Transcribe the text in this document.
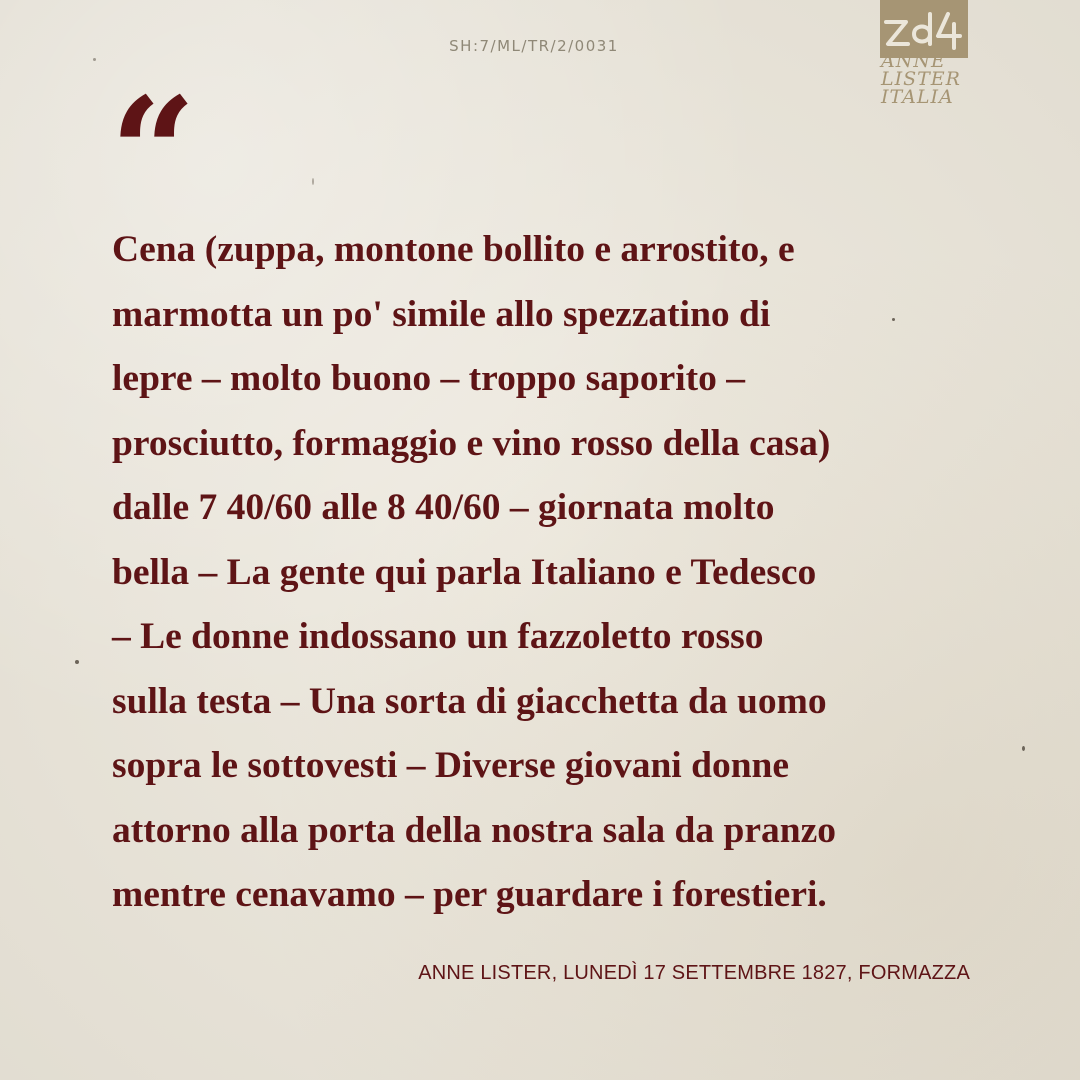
SH:7/ML/TR/2/0031
ANNE
LISTER
ITALIA
“

Cena (zuppa, montone bollito e arrostito, e
marmotta un po' simile allo spezzatino di
lepre – molto buono – troppo saporito –
prosciutto, formaggio e vino rosso della casa)
dalle 7 40/60 alle 8 40/60 – giornata molto
bella – La gente qui parla Italiano e Tedesco
– Le donne indossano un fazzoletto rosso
sulla testa – Una sorta di giacchetta da uomo
sopra le sottovesti – Diverse giovani donne
attorno alla porta della nostra sala da pranzo
mentre cenavamo – per guardare i forestieri.

ANNE LISTER, LUNEDÌ 17 SETTEMBRE 1827, FORMAZZA
